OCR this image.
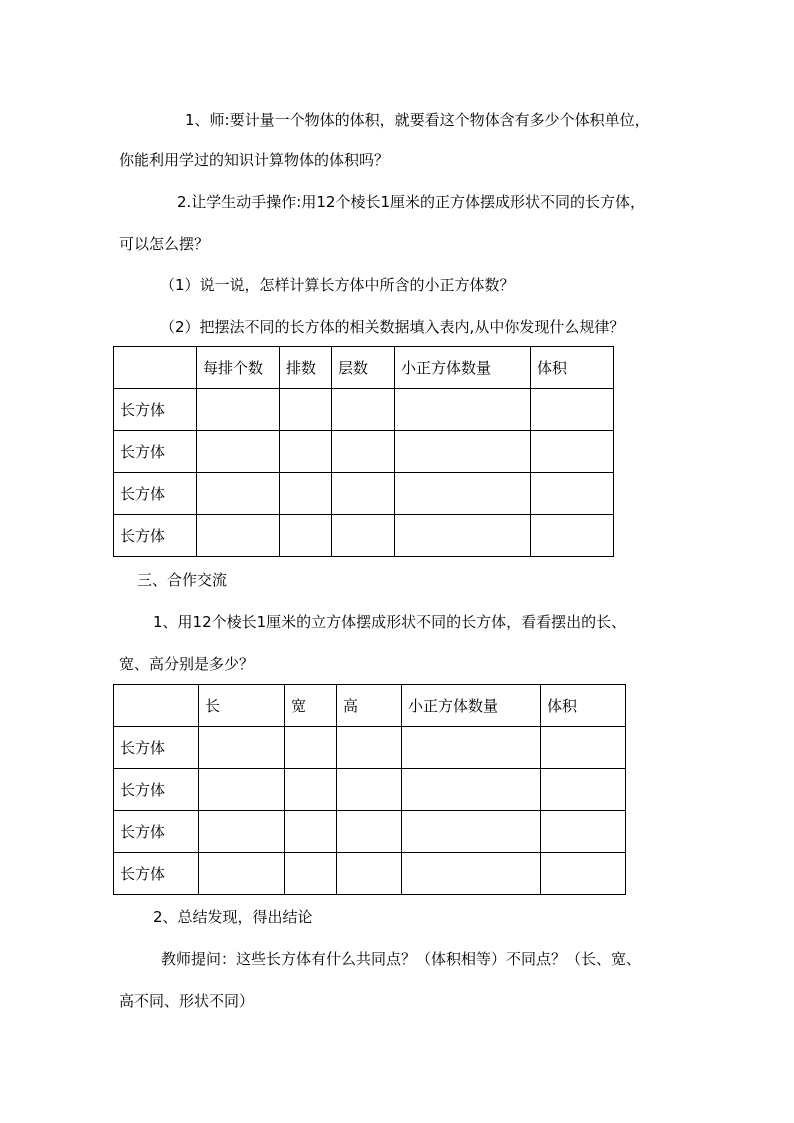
1、师:要计量一个物体的体积，就要看这个物体含有多少个体积单位，
你能利用学过的知识计算物体的体积吗？
2.让学生动手操作:用12个棱长1厘米的正方体摆成形状不同的长方体，
可以怎么摆？
（1）说一说，怎样计算长方体中所含的小正方体数？
（2）把摆法不同的长方体的相关数据填入表内,从中你发现什么规律？
	每排个数	排数	层数	小正方体数量	体积
长方体					
长方体					
长方体					
长方体					
三、合作交流
1、用12个棱长1厘米的立方体摆成形状不同的长方体，看看摆出的长、
宽、高分别是多少？
	长	宽	高	小正方体数量	体积
长方体					
长方体					
长方体					
长方体					
2、总结发现，得出结论
教师提问：这些长方体有什么共同点？（体积相等）不同点？（长、宽、
高不同、形状不同）
